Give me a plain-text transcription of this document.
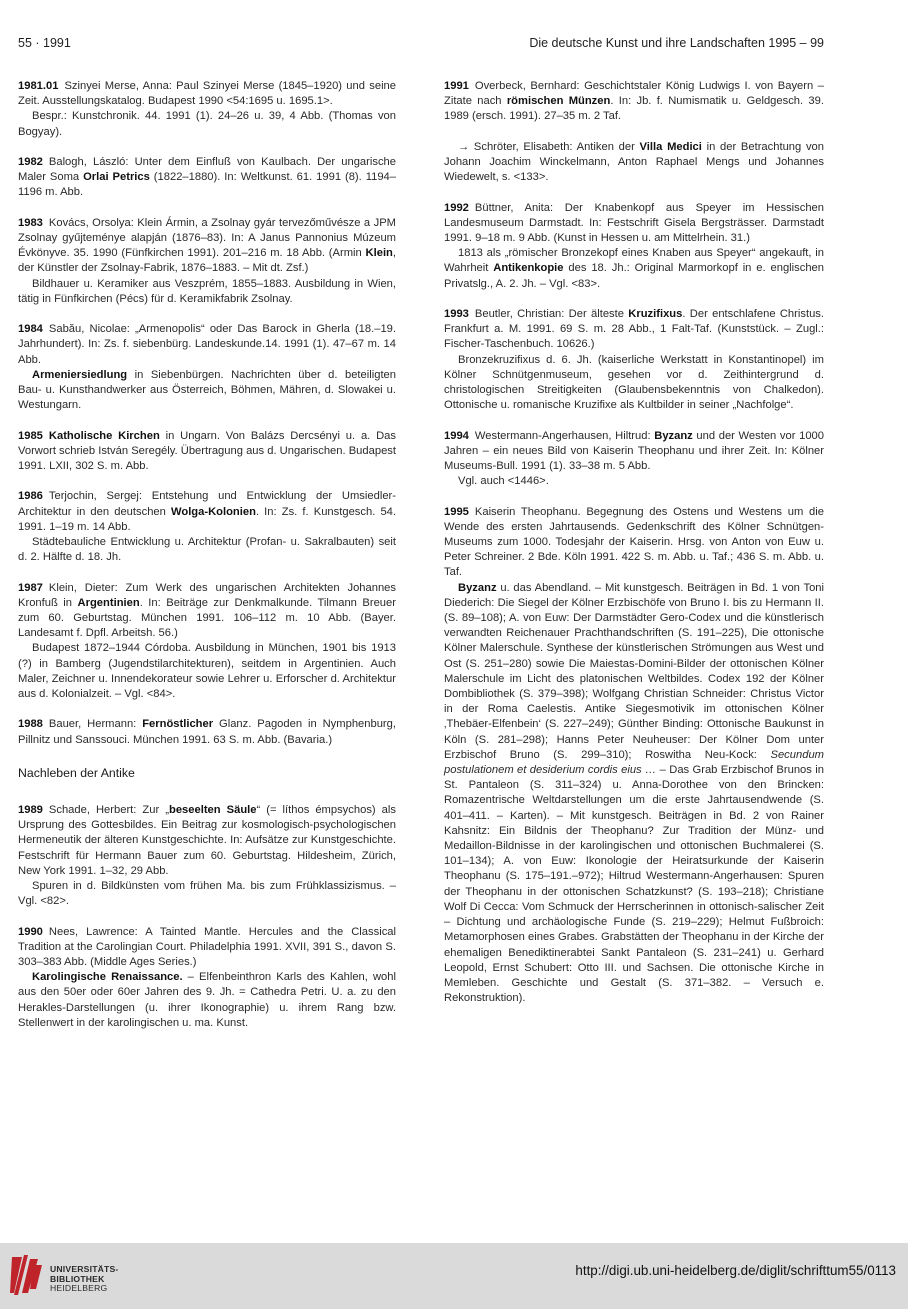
55 · 1991	Die deutsche Kunst und ihre Landschaften 1995 – 99

1981.01 Szinyei Merse, Anna: Paul Szinyei Merse (1845–1920) und seine Zeit. Ausstellungskatalog. Budapest 1990 <54:1695 u. 1695.1>.

Bespr.: Kunstchronik. 44. 1991 (1). 24–26 u. 39, 4 Abb. (Thomas von Bogyay).

1982 Balogh, László: Unter dem Einfluß von Kaulbach. Der ungarische Maler Soma Orlai Petrics (1822–1880). In: Weltkunst. 61. 1991 (8). 1194–1196 m. Abb.

1983 Kovács, Orsolya: Klein Ármin, a Zsolnay gyár tervezőművésze a JPM Zsolnay gyűjteménye alapján (1876–83). In: A Janus Pannonius Múzeum Évkönyve. 35. 1990 (Fünfkirchen 1991). 201–216 m. 18 Abb. (Armin Klein, der Künstler der Zsolnay-Fabrik, 1876–1883. – Mit dt. Zsf.)

Bildhauer u. Keramiker aus Veszprém, 1855–1883. Ausbildung in Wien, tätig in Fünfkirchen (Pécs) für d. Keramikfabrik Zsolnay.

1984 Sabău, Nicolae: „Armenopolis“ oder Das Barock in Gherla (18.–19. Jahrhundert). In: Zs. f. siebenbürg. Landeskunde.14. 1991 (1). 47–67 m. 14 Abb.

Armeniersiedlung in Siebenbürgen. Nachrichten über d. beteiligten Bau- u. Kunsthandwerker aus Österreich, Böhmen, Mähren, d. Slowakei u. Westungarn.

1985 Katholische Kirchen in Ungarn. Von Balázs Dercsényi u. a. Das Vorwort schrieb István Seregély. Übertragung aus d. Ungarischen. Budapest 1991. LXII, 302 S. m. Abb.

1986 Terjochin, Sergej: Entstehung und Entwicklung der Umsiedler-Architektur in den deutschen Wolga-Kolonien. In: Zs. f. Kunstgesch. 54. 1991. 1–19 m. 14 Abb.

Städtebauliche Entwicklung u. Architektur (Profan- u. Sakralbauten) seit d. 2. Hälfte d. 18. Jh.

1987 Klein, Dieter: Zum Werk des ungarischen Architekten Johannes Kronfuß in Argentinien. In: Beiträge zur Denkmalkunde. Tilmann Breuer zum 60. Geburtstag. München 1991. 106–112 m. 10 Abb. (Bayer. Landesamt f. Dpfl. Arbeitsh. 56.)

Budapest 1872–1944 Córdoba. Ausbildung in München, 1901 bis 1913 (?) in Bamberg (Jugendstilarchitekturen), seitdem in Argentinien. Auch Maler, Zeichner u. Innendekorateur sowie Lehrer u. Erforscher d. Architektur aus d. Kolonialzeit. – Vgl. <84>.

1988 Bauer, Hermann: Fernöstlicher Glanz. Pagoden in Nymphenburg, Pillnitz und Sanssouci. München 1991. 63 S. m. Abb. (Bavaria.)

Nachleben der Antike

1989 Schade, Herbert: Zur „beseelten Säule“ (= líthos émpsychos) als Ursprung des Gottesbildes. Ein Beitrag zur kosmologisch-psychologischen Hermeneutik der älteren Kunstgeschichte. In: Aufsätze zur Kunstgeschichte. Festschrift für Hermann Bauer zum 60. Geburtstag. Hildesheim, Zürich, New York 1991. 1–32, 29 Abb.

Spuren in d. Bildkünsten vom frühen Ma. bis zum Frühklassizismus. – Vgl. <82>.

1990 Nees, Lawrence: A Tainted Mantle. Hercules and the Classical Tradition at the Carolingian Court. Philadelphia 1991. XVII, 391 S., davon S. 303–383 Abb. (Middle Ages Series.)

Karolingische Renaissance. – Elfenbeinthron Karls des Kahlen, wohl aus den 50er oder 60er Jahren des 9. Jh. = Cathedra Petri. U. a. zu den Herakles-Darstellungen (u. ihrer Ikonographie) u. ihrem Rang bzw. Stellenwert in der karolingischen u. ma. Kunst.

1991 Overbeck, Bernhard: Geschichtstaler König Ludwigs I. von Bayern – Zitate nach römischen Münzen. In: Jb. f. Numismatik u. Geldgesch. 39. 1989 (ersch. 1991). 27–35 m. 2 Taf.

→ Schröter, Elisabeth: Antiken der Villa Medici in der Betrachtung von Johann Joachim Winckelmann, Anton Raphael Mengs und Johannes Wiedewelt, s. <133>.

1992 Büttner, Anita: Der Knabenkopf aus Speyer im Hessischen Landesmuseum Darmstadt. In: Festschrift Gisela Bergsträsser. Darmstadt 1991. 9–18 m. 9 Abb. (Kunst in Hessen u. am Mittelrhein. 31.)

1813 als „römischer Bronzekopf eines Knaben aus Speyer“ angekauft, in Wahrheit Antikenkopie des 18. Jh.: Original Marmorkopf in e. englischen Privatslg., A. 2. Jh. – Vgl. <83>.

1993 Beutler, Christian: Der älteste Kruzifixus. Der entschlafene Christus. Frankfurt a. M. 1991. 69 S. m. 28 Abb., 1 Falt-Taf. (Kunststück. – Zugl.: Fischer-Taschenbuch. 10626.)

Bronzekruzifixus d. 6. Jh. (kaiserliche Werkstatt in Konstantinopel) im Kölner Schnütgenmuseum, gesehen vor d. Zeithintergrund d. christologischen Streitigkeiten (Glaubensbekenntnis von Chalkedon). Ottonische u. romanische Kruzifixe als Kultbilder in seiner „Nachfolge“.

1994 Westermann-Angerhausen, Hiltrud: Byzanz und der Westen vor 1000 Jahren – ein neues Bild von Kaiserin Theophanu und ihrer Zeit. In: Kölner Museums-Bull. 1991 (1). 33–38 m. 5 Abb.

Vgl. auch <1446>.

1995 Kaiserin Theophanu. Begegnung des Ostens und Westens um die Wende des ersten Jahrtausends. Gedenkschrift des Kölner Schnütgen-Museums zum 1000. Todesjahr der Kaiserin. Hrsg. von Anton von Euw u. Peter Schreiner. 2 Bde. Köln 1991. 422 S. m. Abb. u. Taf.; 436 S. m. Abb. u. Taf.

Byzanz u. das Abendland. – Mit kunstgesch. Beiträgen in Bd. 1 von Toni Diederich: Die Siegel der Kölner Erzbischöfe von Bruno I. bis zu Hermann II. (S. 89–108); A. von Euw: Der Darmstädter Gero-Codex und die künstlerisch verwandten Reichenauer Prachthandschriften (S. 191–225), Die ottonische Kölner Malerschule. Synthese der künstlerischen Strömungen aus West und Ost (S. 251–280) sowie Die Maiestas-Domini-Bilder der ottonischen Kölner Malerschule im Licht des platonischen Weltbildes. Codex 192 der Kölner Dombibliothek (S. 379–398); Wolfgang Christian Schneider: Christus Victor in der Roma Caelestis. Antike Siegesmotivik im ottonischen Kölner ‚Thebäer-Elfenbein‘ (S. 227–249); Günther Binding: Ottonische Baukunst in Köln (S. 281–298); Hanns Peter Neuheuser: Der Kölner Dom unter Erzbischof Bruno (S. 299–310); Roswitha Neu-Kock: Secundum postulationem et desiderium cordis eius … – Das Grab Erzbischof Brunos in St. Pantaleon (S. 311–324) u. Anna-Dorothee von den Brincken: Romazentrische Weltdarstellungen um die erste Jahrtausendwende (S. 401–411. – Karten). – Mit kunstgesch. Beiträgen in Bd. 2 von Rainer Kahsnitz: Ein Bildnis der Theophanu? Zur Tradition der Münz- und Medaillon-Bildnisse in der karolingischen und ottonischen Buchmalerei (S. 101–134); A. von Euw: Ikonologie der Heiratsurkunde der Kaiserin Theophanu (S. 175–191.–972); Hiltrud Westermann-Angerhausen: Spuren der Theophanu in der ottonischen Schatzkunst? (S. 193–218); Christiane Wolf Di Cecca: Vom Schmuck der Herrscherinnen in ottonisch-salischer Zeit – Dichtung und archäologische Funde (S. 219–229); Helmut Fußbroich: Metamorphosen eines Grabes. Grabstätten der Theophanu in der Kirche der ehemaligen Benediktinerabtei Sankt Pantaleon (S. 231–241) u. Gerhard Leopold, Ernst Schubert: Otto III. und Sachsen. Die ottonische Kirche in Memleben. Geschichte und Gestalt (S. 371–382. – Versuch e. Rekonstruktion).

UNIVERSITÄTS-
BIBLIOTHEK
HEIDELBERG
http://digi.ub.uni-heidelberg.de/diglit/schrifttum55/0113
